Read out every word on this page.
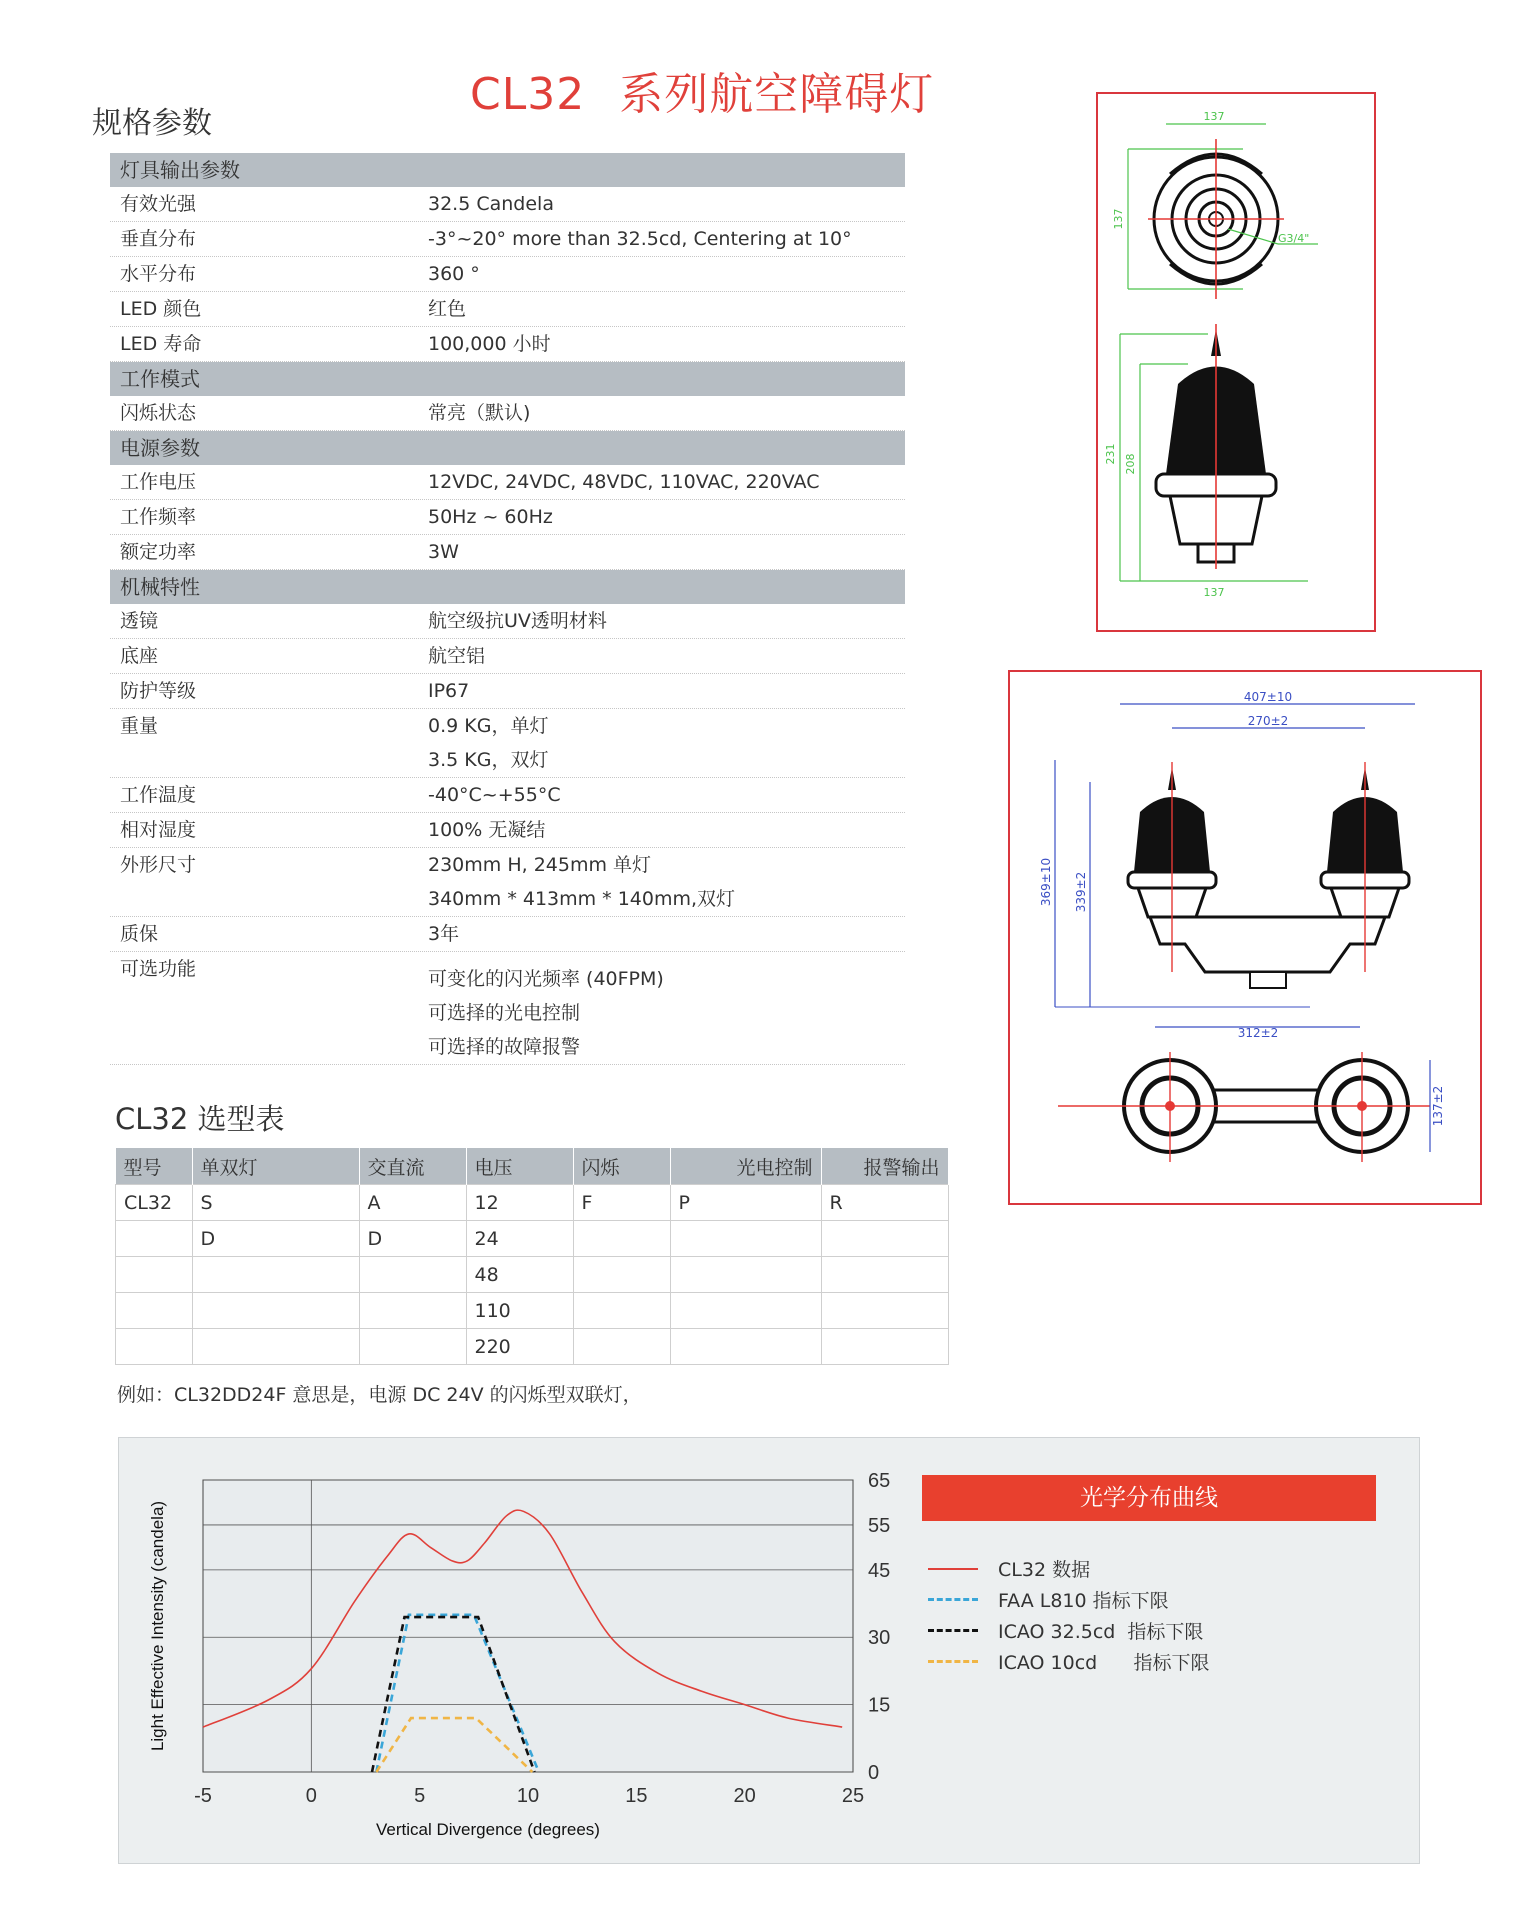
CL32 系列航空障碍灯
规格参数
灯具输出参数
有效光强	32.5 Candela
垂直分布	-3°~20° more than 32.5cd, Centering at 10°
水平分布	360 °
LED 颜色	红色
LED 寿命	100,000 小时
工作模式
闪烁状态	常亮（默认)
电源参数
工作电压	12VDC, 24VDC, 48VDC, 110VAC, 220VAC
工作频率	50Hz ~ 60Hz
额定功率	3W
机械特性
透镜	航空级抗UV透明材料
底座	航空铝
防护等级	IP67
重量	0.9 KG，单灯
3.5 KG，双灯
工作温度	-40°C~+55°C
相对湿度	100% 无凝结
外形尺寸	230mm H, 245mm 单灯
340mm * 413mm * 140mm,双灯
质保	3年
可选功能	可变化的闪光频率 (40FPM)
可选择的光电控制
可选择的故障报警
CL32 选型表
型号	单双灯	交直流	电压	闪烁	光电控制	报警输出
CL32	S	A	12	F	P	R
	D	D	24			
			48			
			110			
			220			
例如：CL32DD24F 意思是，电源 DC 24V 的闪烁型双联灯，
137
137
G3/4"
231 208
137
407±10
270±2
369±10 339±2
312±2
137±2
0
15
30
45
55
65
-5	0	5	10	15	20	25
Vertical Divergence (degrees)
Light Effective Intensity (candela)
光学分布曲线
CL32 数据
FAA L810 指标下限
ICAO 32.5cd  指标下限
ICAO 10cd      指标下限
